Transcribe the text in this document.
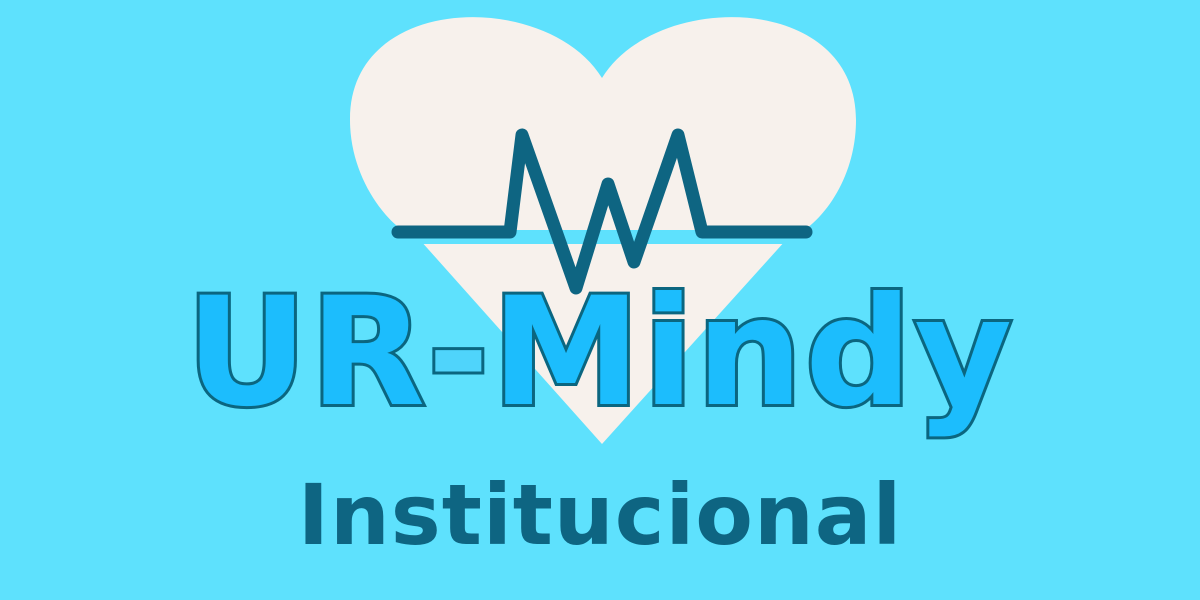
UR-Mindy
Institucional
